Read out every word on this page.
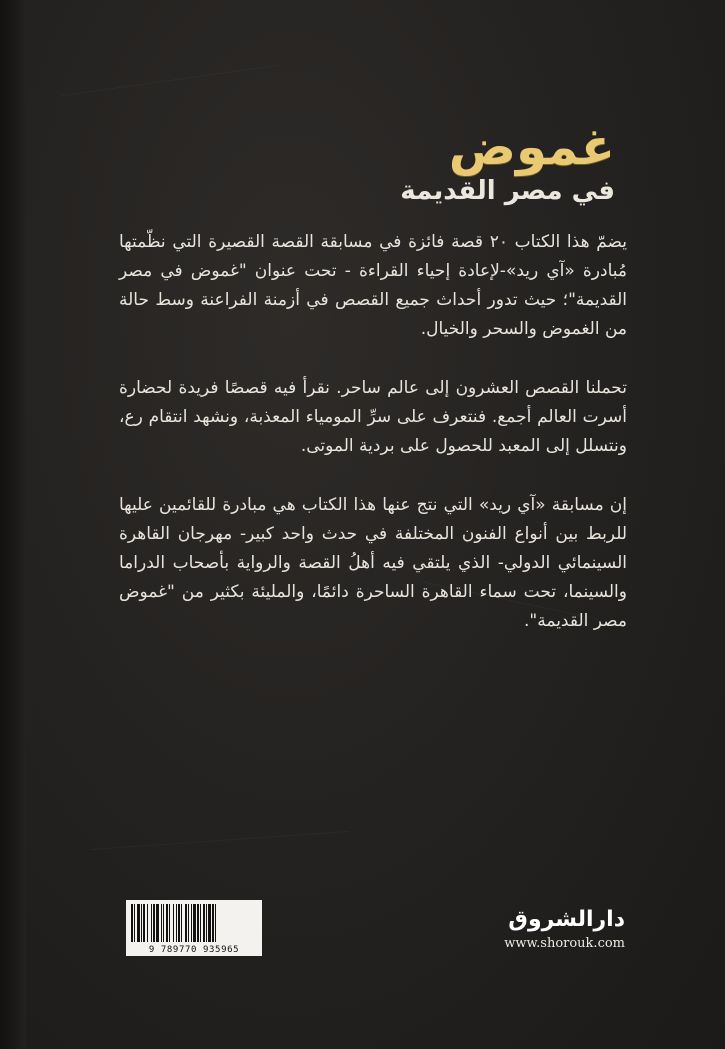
غموض
في مصر القديمة

يضمّ هذا الكتاب ٢٠ قصة فائزة في مسابقة القصة القصيرة التي نظّمتها مُبادرة «آي ريد»-لإعادة إحياء القراءة - تحت عنوان "غموض في مصر القديمة"؛ حيث تدور أحداث جميع القصص في أزمنة الفراعنة وسط حالة من الغموض والسحر والخيال.

تحملنا القصص العشرون إلى عالم ساحر. نقرأ فيه قصصًا فريدة لحضارة أسرت العالم أجمع. فنتعرف على سرِّ المومياء المعذبة، ونشهد انتقام رع، ونتسلل إلى المعبد للحصول على بردية الموتى.

إن مسابقة «آي ريد» التي نتج عنها هذا الكتاب هي مبادرة للقائمين عليها للربط بين أنواع الفنون المختلفة في حدث واحد كبير- مهرجان القاهرة السينمائي الدولي- الذي يلتقي فيه أهلُ القصة والرواية بأصحاب الدراما والسينما، تحت سماء القاهرة الساحرة دائمًا، والمليئة بكثير من "غموض مصر القديمة".

9 789770 935965
دارالشروق
www.shorouk.com
